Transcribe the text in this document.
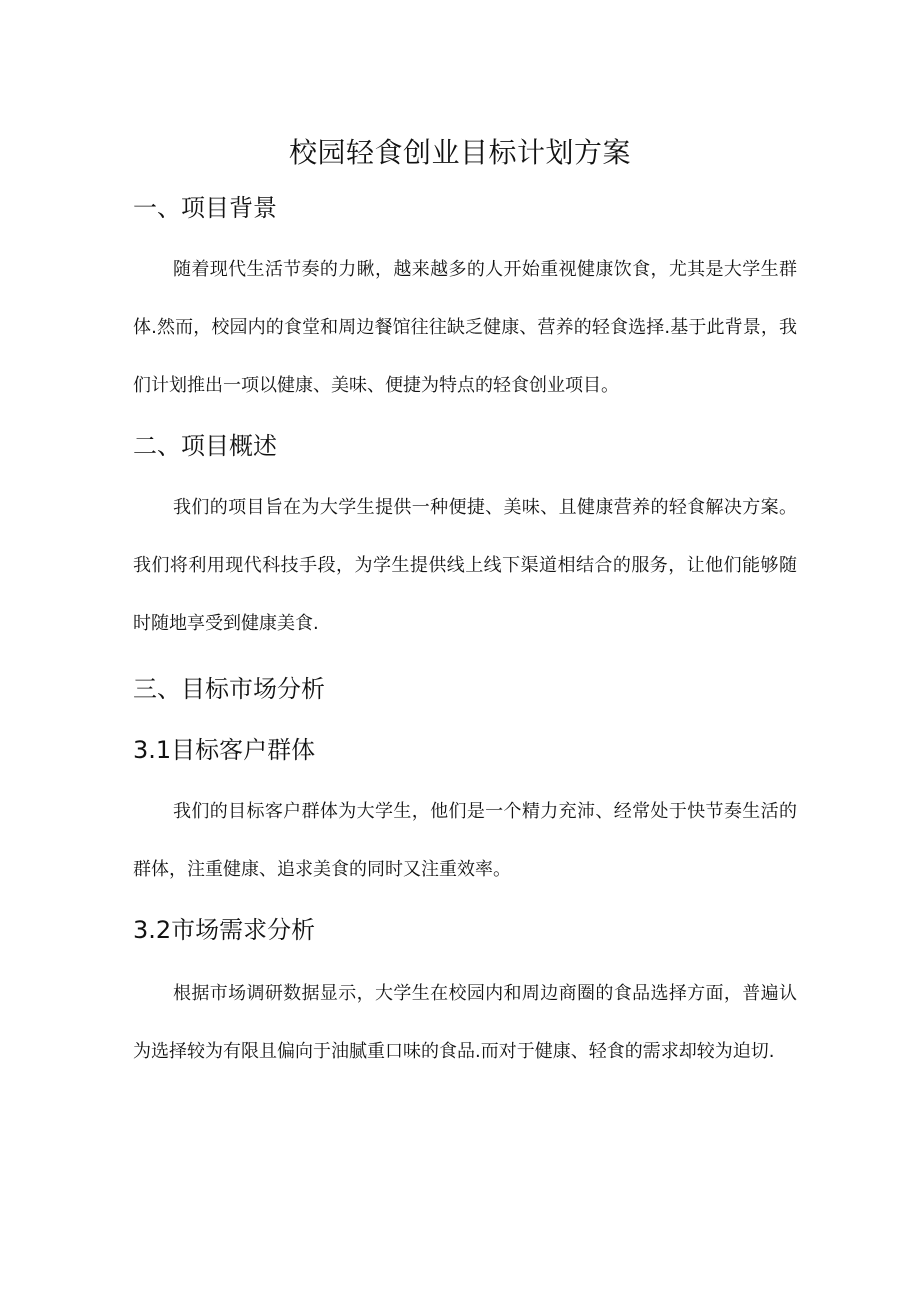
校园轻食创业目标计划方案
一、项目背景

随着现代生活节奏的力瞅，越来越多的人开始重视健康饮食，尤其是大学生群体.然而，校园内的食堂和周边餐馆往往缺乏健康、营养的轻食选择.基于此背景，我们计划推出一项以健康、美味、便捷为特点的轻食创业项目。

二、项目概述

我们的项目旨在为大学生提供一种便捷、美味、且健康营养的轻食解决方案。我们将利用现代科技手段，为学生提供线上线下渠道相结合的服务，让他们能够随时随地享受到健康美食.

三、目标市场分析
3.1目标客户群体

我们的目标客户群体为大学生，他们是一个精力充沛、经常处于快节奏生活的群体，注重健康、追求美食的同时又注重效率。

3.2市场需求分析

根据市场调研数据显示，大学生在校园内和周边商圈的食品选择方面，普遍认为选择较为有限且偏向于油腻重口味的食品.而对于健康、轻食的需求却较为迫切.
